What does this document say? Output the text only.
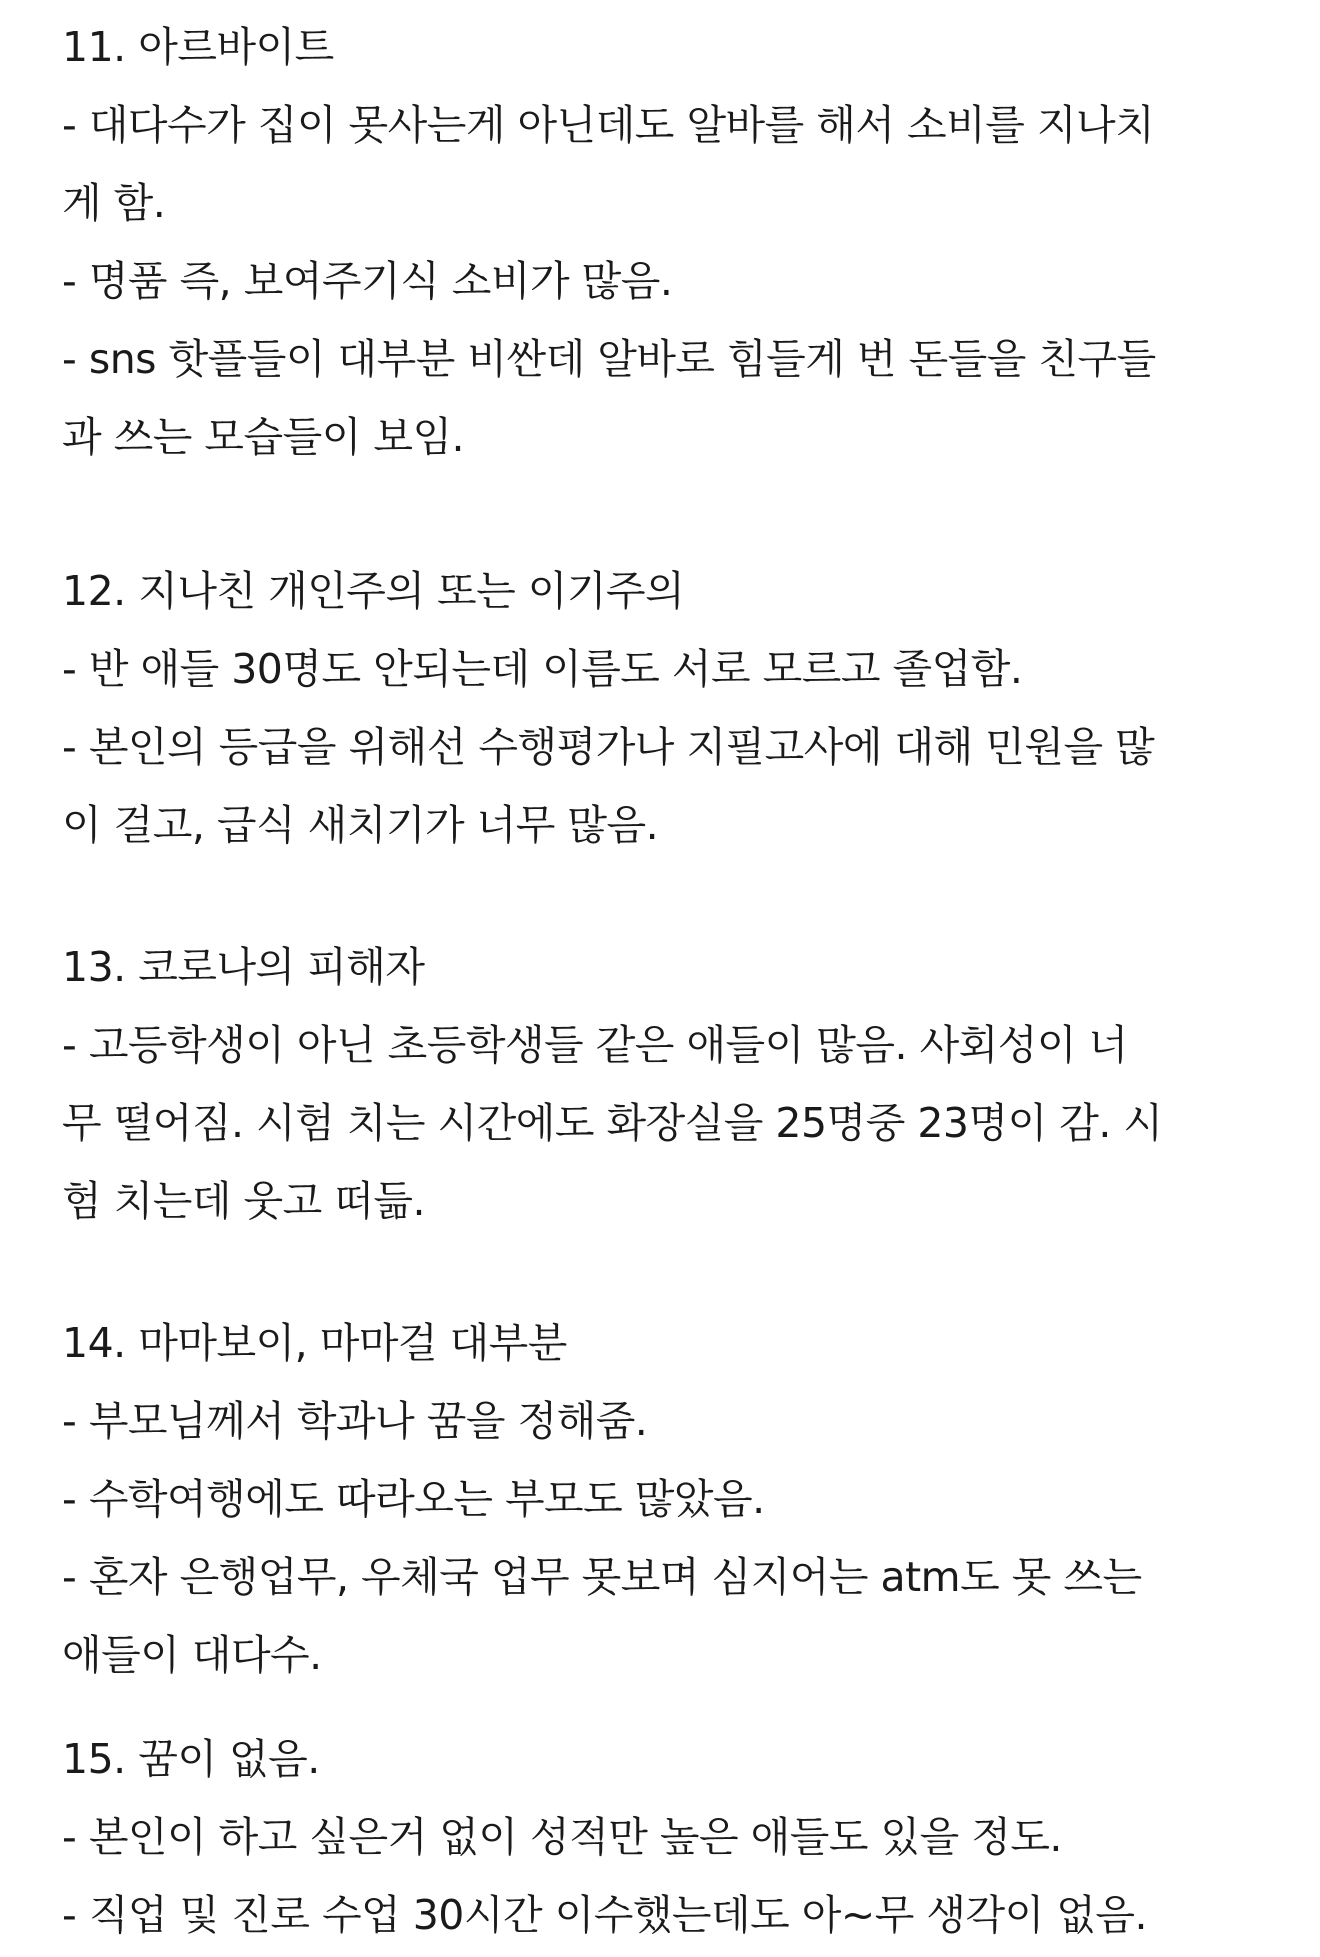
11. 아르바이트
- 대다수가 집이 못사는게 아닌데도 알바를 해서 소비를 지나치
게 함.
- 명품 즉, 보여주기식 소비가 많음.
- sns 핫플들이 대부분 비싼데 알바로 힘들게 번 돈들을 친구들
과 쓰는 모습들이 보임.
12. 지나친 개인주의 또는 이기주의
- 반 애들 30명도 안되는데 이름도 서로 모르고 졸업함.
- 본인의 등급을 위해선 수행평가나 지필고사에 대해 민원을 많
이 걸고, 급식 새치기가 너무 많음.
13. 코로나의 피해자
- 고등학생이 아닌 초등학생들 같은 애들이 많음. 사회성이 너
무 떨어짐. 시험 치는 시간에도 화장실을 25명중 23명이 감. 시
험 치는데 웃고 떠듦.
14. 마마보이, 마마걸 대부분
- 부모님께서 학과나 꿈을 정해줌.
- 수학여행에도 따라오는 부모도 많았음.
- 혼자 은행업무, 우체국 업무 못보며 심지어는 atm도 못 쓰는
애들이 대다수.
15. 꿈이 없음.
- 본인이 하고 싶은거 없이 성적만 높은 애들도 있을 정도.
- 직업 및 진로 수업 30시간 이수했는데도 아~무 생각이 없음.
